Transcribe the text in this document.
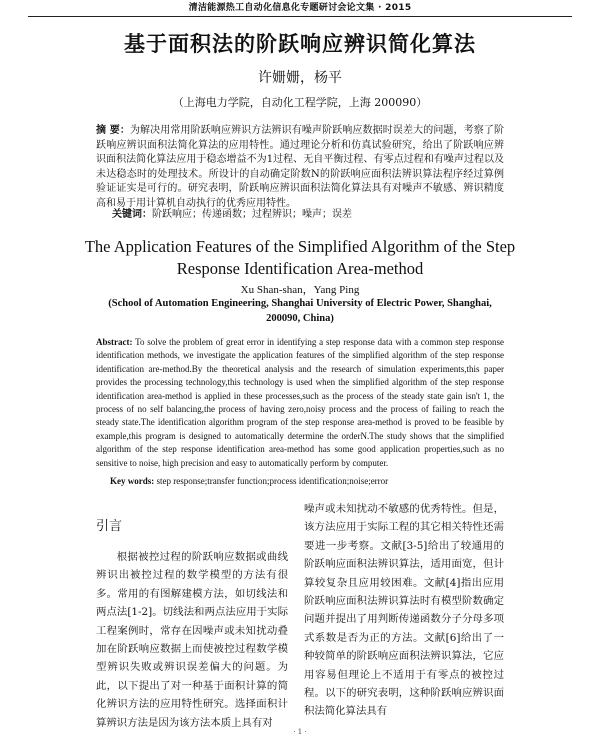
清洁能源热工自动化信息化专题研讨会论文集 · 2015
基于面积法的阶跃响应辨识简化算法
许姗姗，杨平
（上海电力学院，自动化工程学院，上海 200090）
摘 要：为解决用常用阶跃响应辨识方法辨识有噪声阶跃响应数据时误差大的问题，考察了阶跃响应辨识面积法简化算法的应用特性。通过理论分析和仿真试验研究，给出了阶跃响应辨识面积法简化算法应用于稳态增益不为1过程、无自平衡过程、有零点过程和有噪声过程以及未达稳态时的处理技术。所设计的自动确定阶数N的阶跃响应面积法辨识算法程序经过算例验证证实是可行的。研究表明，阶跃响应辨识面积法简化算法具有对噪声不敏感、辨识精度高和易于用计算机自动执行的优秀应用特性。
关键词：阶跃响应；传递函数；过程辨识；噪声；误差
The Application Features of the Simplified Algorithm of the Step Response Identification Area-method
Xu Shan-shan，Yang Ping
(School of Automation Engineering, Shanghai University of Electric Power, Shanghai, 200090, China)
Abstract: To solve the problem of great error in identifying a step response data with a common step response identification methods, we investigate the application features of the simplified algorithm of the step response identification are-method.By the theoretical analysis and the research of simulation experiments,this paper provides the processing technology,this technology is used when the simplified algorithm of the step response identification area-method is applied in these processes,such as the process of the steady state gain isn't 1, the process of no self balancing,the process of having zero,noisy process and the process of failing to reach the steady state.The identification algorithm program of the step response area-method is proved to be feasible by example,this program is designed to automatically determine the orderN.The study shows that the simplified algorithm of the step response identification area-method has some good application properties,such as no sensitive to noise, high precision and easy to automatically perform by computer.
Key words: step response;transfer function;process identification;noise;error
引言

根据被控过程的阶跃响应数据或曲线辨识出被控过程的数学模型的方法有很多。常用的有图解建模方法，如切线法和两点法[1-2]。切线法和两点法应用于实际工程案例时，常存在因噪声或未知扰动叠加在阶跃响应数据上而使被控过程数学模型辨识失败或辨识误差偏大的问题。为此，以下提出了对一种基于面积计算的简化辨识方法的应用特性研究。选择面积计算辨识方法是因为该方法本质上具有对

噪声或未知扰动不敏感的优秀特性。但是，该方法应用于实际工程的其它相关特性还需要进一步考察。文献[3-5]给出了较通用的阶跃响应面积法辨识算法，适用面宽，但计算较复杂且应用较困难。文献[4]指出应用阶跃响应面积法辨识算法时有模型阶数确定问题并提出了用判断传递函数分子分母多项式系数是否为正的方法。文献[6]给出了一种较简单的阶跃响应面积法辨识算法，它应用容易但理论上不适用于有零点的被控过程。以下的研究表明，这种阶跃响应辨识面积法简化算法具有

· 1 ·
